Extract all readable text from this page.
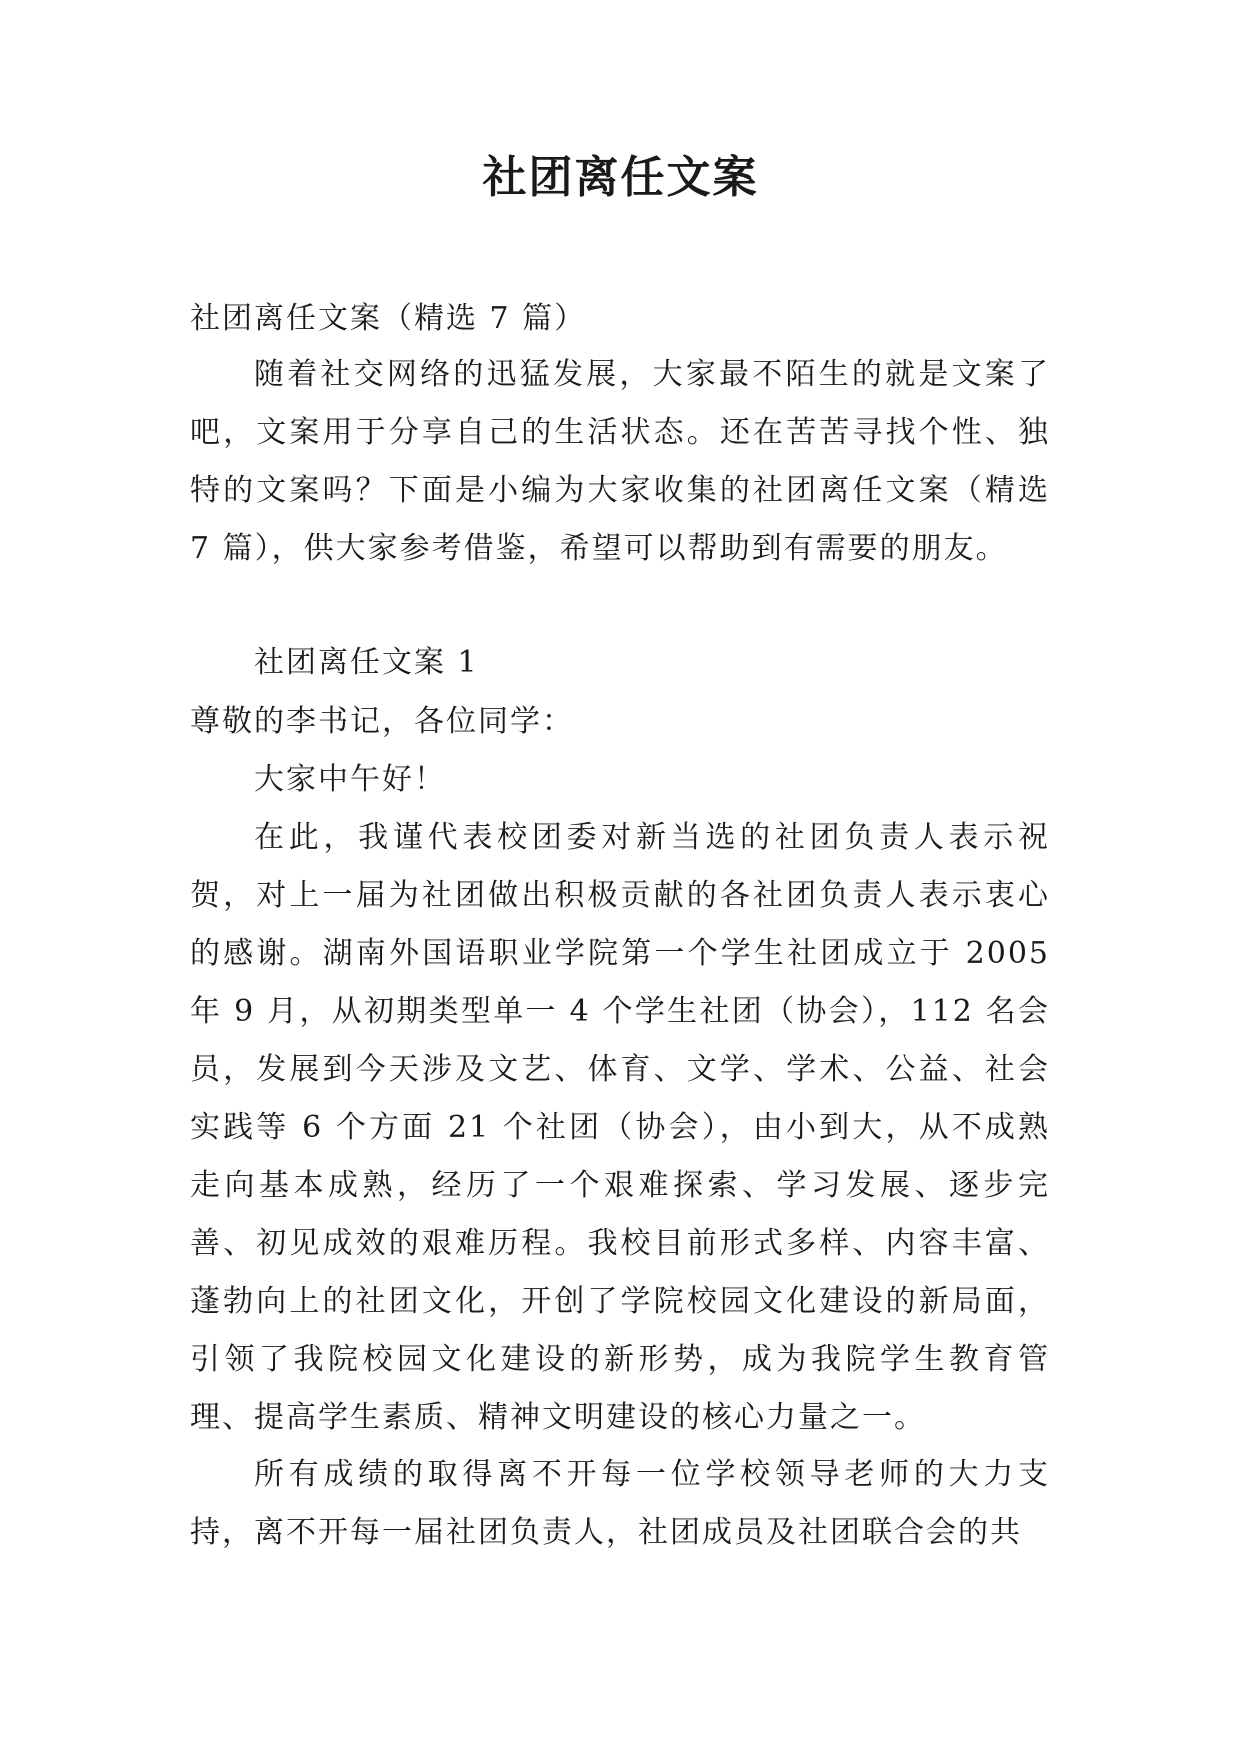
社团离任文案

社团离任文案（精选 7 篇）

随着社交网络的迅猛发展，大家最不陌生的就是文案了吧，文案用于分享自己的生活状态。还在苦苦寻找个性、独特的文案吗？下面是小编为大家收集的社团离任文案（精选 7 篇），供大家参考借鉴，希望可以帮助到有需要的朋友。

社团离任文案 1

尊敬的李书记，各位同学：

大家中午好！

在此，我谨代表校团委对新当选的社团负责人表示祝贺，对上一届为社团做出积极贡献的各社团负责人表示衷心的感谢。湖南外国语职业学院第一个学生社团成立于 2005 年 9 月，从初期类型单一 4 个学生社团（协会），112 名会员，发展到今天涉及文艺、体育、文学、学术、公益、社会实践等 6 个方面 21 个社团（协会），由小到大，从不成熟走向基本成熟，经历了一个艰难探索、学习发展、逐步完善、初见成效的艰难历程。我校目前形式多样、内容丰富、蓬勃向上的社团文化，开创了学院校园文化建设的新局面，引领了我院校园文化建设的新形势，成为我院学生教育管理、提高学生素质、精神文明建设的核心力量之一。

所有成绩的取得离不开每一位学校领导老师的大力支持，离不开每一届社团负责人，社团成员及社团联合会的共
